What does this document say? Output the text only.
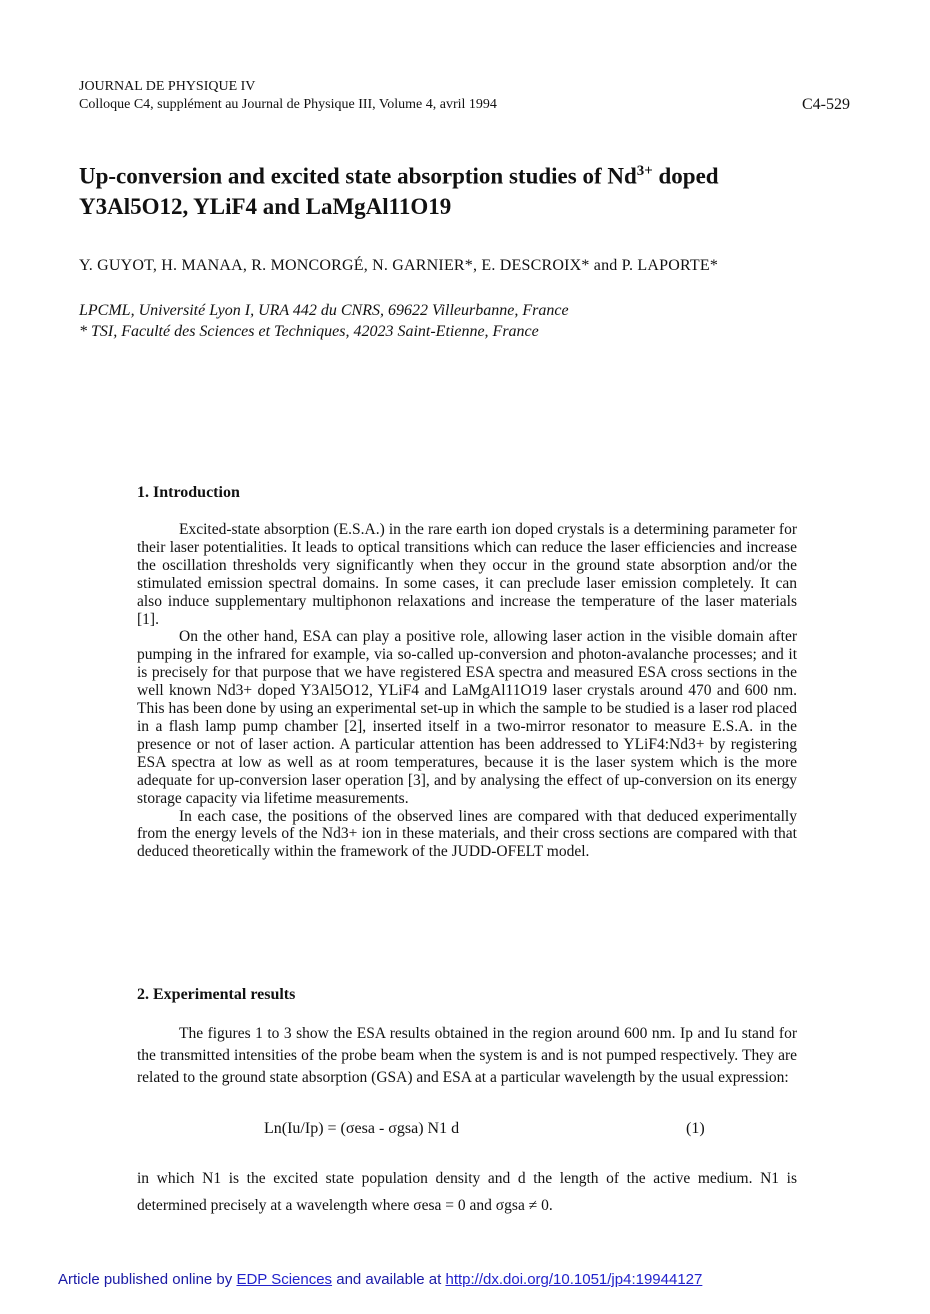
JOURNAL DE PHYSIQUE IV
Colloque C4, supplément au Journal de Physique III, Volume 4, avril 1994	C4-529
Up-conversion and excited state absorption studies of $Nd^{3+}$ doped
Y3Al5O12, YLiF4 and LaMgAl11O19
Y. GUYOT, H. MANAA, R. MONCORGÉ, N. GARNIER*, E. DESCROIX* and P. LAPORTE*
LPCML, Université Lyon I, URA 442 du CNRS, 69622 Villeurbanne, France
* TSI, Faculté des Sciences et Techniques, 42023 Saint-Etienne, France
1. Introduction

Excited-state absorption (E.S.A.) in the rare earth ion doped crystals is a determining parameter for their laser potentialities. It leads to optical transitions which can reduce the laser efficiencies and increase the oscillation thresholds very significantly when they occur in the ground state absorption and/or the stimulated emission spectral domains. In some cases, it can preclude laser emission completely. It can also induce supplementary multiphonon relaxations and increase the temperature of the laser materials [1].

On the other hand, ESA can play a positive role, allowing laser action in the visible domain after pumping in the infrared for example, via so-called up-conversion and photon-avalanche processes; and it is precisely for that purpose that we have registered ESA spectra and measured ESA cross sections in the well known Nd3+ doped Y3Al5O12, YLiF4 and LaMgAl11O19 laser crystals around 470 and 600 nm. This has been done by using an experimental set-up in which the sample to be studied is a laser rod placed in a flash lamp pump chamber [2], inserted itself in a two-mirror resonator to measure E.S.A. in the presence or not of laser action. A particular attention has been addressed to YLiF4:Nd3+ by registering ESA spectra at low as well as at room temperatures, because it is the laser system which is the more adequate for up-conversion laser operation [3], and by analysing the effect of up-conversion on its energy storage capacity via lifetime measurements.

In each case, the positions of the observed lines are compared with that deduced experimentally from the energy levels of the Nd3+ ion in these materials, and their cross sections are compared with that deduced theoretically within the framework of the JUDD-OFELT model.

2. Experimental results

The figures 1 to 3 show the ESA results obtained in the region around 600 nm. Ip and Iu stand for the transmitted intensities of the probe beam when the system is and is not pumped respectively. They are related to the ground state absorption (GSA) and ESA at a particular wavelength by the usual expression:

Ln(Iu/Ip) = (σesa - σgsa) N1 d	(1)

in which N1 is the excited state population density and d the length of the active medium. N1 is determined precisely at a wavelength where σesa = 0 and σgsa ≠ 0.

Article published online by EDP Sciences and available at http://dx.doi.org/10.1051/jp4:19944127
